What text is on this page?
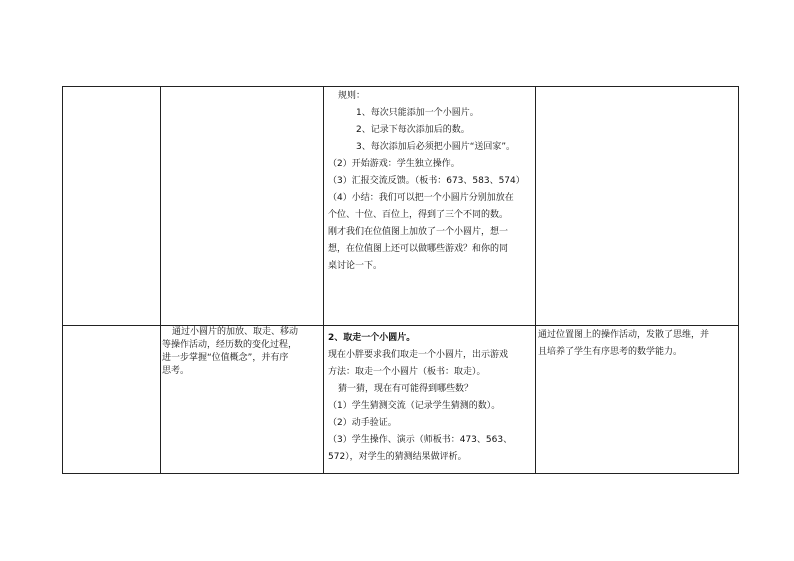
规则：
1、每次只能添加一个小圆片。
2、记录下每次添加后的数。
3、每次添加后必须把小圆片“送回家”。
（2）开始游戏：学生独立操作。
（3）汇报交流反馈。（板书：673、583、574）
（4）小结：我们可以把一个小圆片分别加放在
个位、十位、百位上，得到了三个不同的数。
刚才我们在位值图上加放了一个小圆片，想一
想，在位值图上还可以做哪些游戏？和你的同
桌讨论一下。
通过小圆片的加放、取走、移动
等操作活动，经历数的变化过程，
进一步掌握“位值概念”，并有序
思考。
2、取走一个小圆片。
现在小胖要求我们取走一个小圆片，出示游戏
方法：取走一个小圆片（板书：取走）。
猜一猜，现在有可能得到哪些数？
（1）学生猜测交流（记录学生猜测的数）。
（2）动手验证。
（3）学生操作、演示（师板书：473、563、
572），对学生的猜测结果做评析。
通过位置图上的操作活动，发散了思维，并
且培养了学生有序思考的数学能力。
